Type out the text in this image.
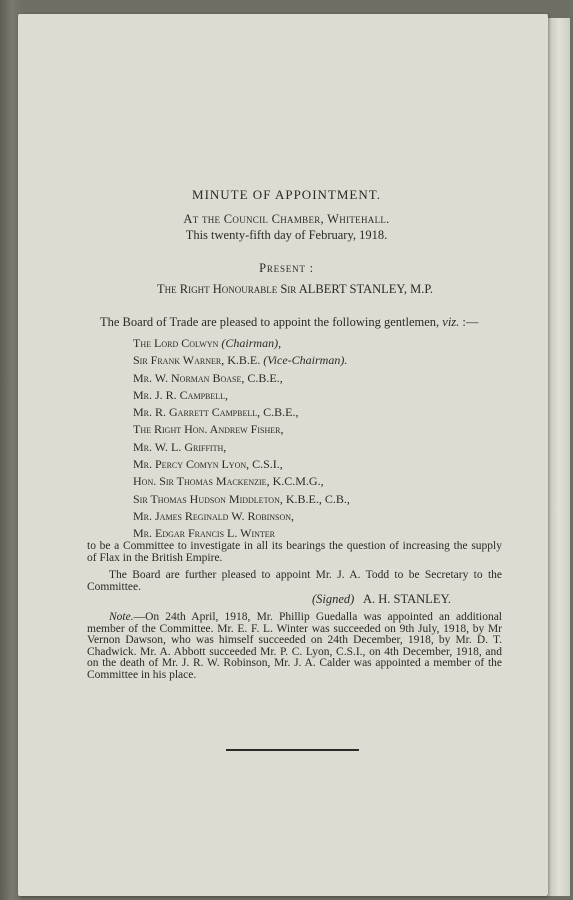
MINUTE OF APPOINTMENT.
At the Council Chamber, Whitehall.
This twenty-fifth day of February, 1918.
Present :
The Right Honourable Sir ALBERT STANLEY, M.P.
The Board of Trade are pleased to appoint the following gentlemen, viz. :—
The Lord Colwyn (Chairman),
Sir Frank Warner, K.B.E. (Vice-Chairman).
Mr. W. Norman Boase, C.B.E.,
Mr. J. R. Campbell,
Mr. R. Garrett Campbell, C.B.E.,
The Right Hon. Andrew Fisher,
Mr. W. L. Griffith,
Mr. Percy Comyn Lyon, C.S.I.,
Hon. Sir Thomas Mackenzie, K.C.M.G.,
Sir Thomas Hudson Middleton, K.B.E., C.B.,
Mr. James Reginald W. Robinson,
Mr. Edgar Francis L. Winter
to be a Committee to investigate in all its bearings the question of increasing the supply of Flax in the British Empire.
The Board are further pleased to appoint Mr. J. A. Todd to be Secretary to the Committee.
(Signed) A. H. STANLEY.
Note.—On 24th April, 1918, Mr. Phillip Guedalla was appointed an additional member of the Committee. Mr. E. F. L. Winter was succeeded on 9th July, 1918, by Mr Vernon Dawson, who was himself succeeded on 24th December, 1918, by Mr. D. T. Chadwick. Mr. A. Abbott succeeded Mr. P. C. Lyon, C.S.I., on 4th December, 1918, and on the death of Mr. J. R. W. Robinson, Mr. J. A. Calder was appointed a member of the Committee in his place.
